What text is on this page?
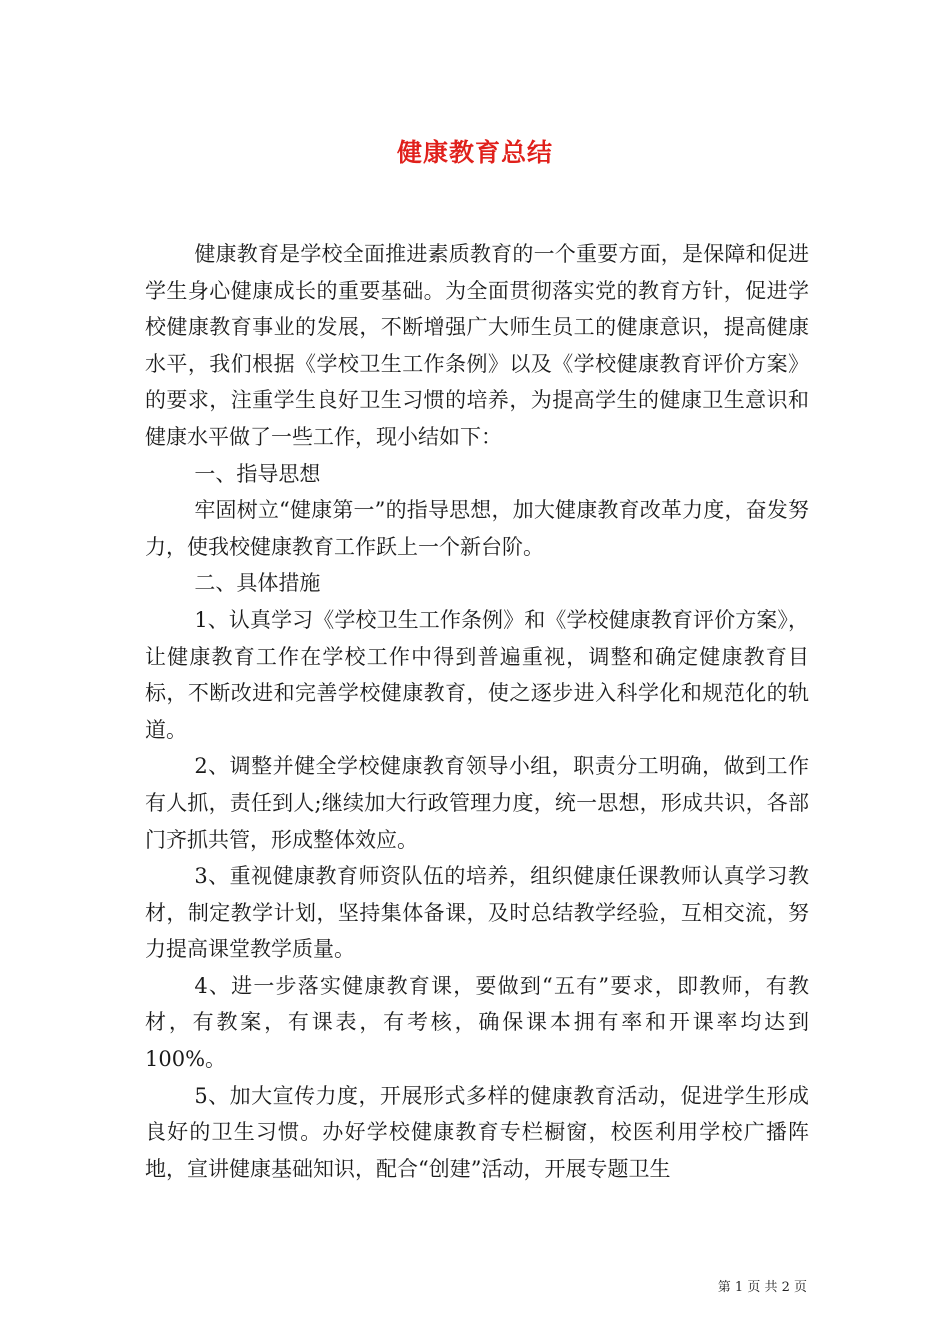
健康教育总结

健康教育是学校全面推进素质教育的一个重要方面，是保障和促进学生身心健康成长的重要基础。为全面贯彻落实党的教育方针，促进学校健康教育事业的发展，不断增强广大师生员工的健康意识，提高健康水平，我们根据《学校卫生工作条例》以及《学校健康教育评价方案》的要求，注重学生良好卫生习惯的培养，为提高学生的健康卫生意识和健康水平做了一些工作，现小结如下：

一、指导思想

牢固树立“健康第一”的指导思想，加大健康教育改革力度，奋发努力，使我校健康教育工作跃上一个新台阶。

二、具体措施

1、认真学习《学校卫生工作条例》和《学校健康教育评价方案》，让健康教育工作在学校工作中得到普遍重视，调整和确定健康教育目标，不断改进和完善学校健康教育，使之逐步进入科学化和规范化的轨道。

2、调整并健全学校健康教育领导小组，职责分工明确，做到工作有人抓，责任到人;继续加大行政管理力度，统一思想，形成共识，各部门齐抓共管，形成整体效应。

3、重视健康教育师资队伍的培养，组织健康任课教师认真学习教材，制定教学计划，坚持集体备课，及时总结教学经验，互相交流，努力提高课堂教学质量。

4、进一步落实健康教育课，要做到“五有”要求，即教师，有教材，有教案，有课表，有考核，确保课本拥有率和开课率均达到100%。

5、加大宣传力度，开展形式多样的健康教育活动，促进学生形成良好的卫生习惯。办好学校健康教育专栏橱窗，校医利用学校广播阵地，宣讲健康基础知识，配合“创建”活动，开展专题卫生

第 1 页 共 2 页
